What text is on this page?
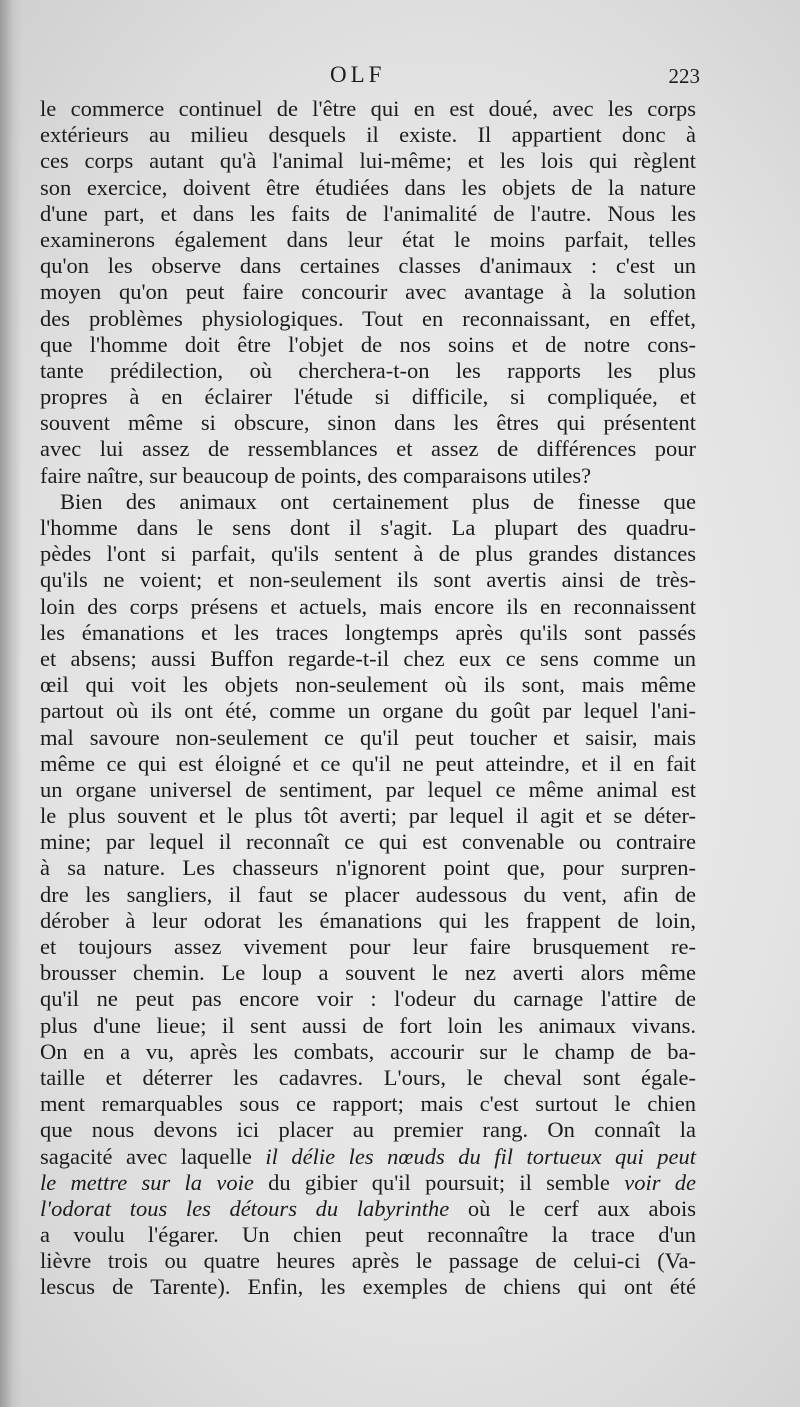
OLF	223
le commerce continuel de l'être qui en est doué, avec les corps
extérieurs au milieu desquels il existe. Il appartient donc à
ces corps autant qu'à l'animal lui-même; et les lois qui règlent
son exercice, doivent être étudiées dans les objets de la nature
d'une part, et dans les faits de l'animalité de l'autre. Nous les
examinerons également dans leur état le moins parfait, telles
qu'on les observe dans certaines classes d'animaux : c'est un
moyen qu'on peut faire concourir avec avantage à la solution
des problèmes physiologiques. Tout en reconnaissant, en effet,
que l'homme doit être l'objet de nos soins et de notre cons-
tante prédilection, où cherchera-t-on les rapports les plus
propres à en éclairer l'étude si difficile, si compliquée, et
souvent même si obscure, sinon dans les êtres qui présentent
avec lui assez de ressemblances et assez de différences pour
faire naître, sur beaucoup de points, des comparaisons utiles?
Bien des animaux ont certainement plus de finesse que
l'homme dans le sens dont il s'agit. La plupart des quadru-
pèdes l'ont si parfait, qu'ils sentent à de plus grandes distances
qu'ils ne voient; et non-seulement ils sont avertis ainsi de très-
loin des corps présens et actuels, mais encore ils en reconnaissent
les émanations et les traces longtemps après qu'ils sont passés
et absens; aussi Buffon regarde-t-il chez eux ce sens comme un
œil qui voit les objets non-seulement où ils sont, mais même
partout où ils ont été, comme un organe du goût par lequel l'ani-
mal savoure non-seulement ce qu'il peut toucher et saisir, mais
même ce qui est éloigné et ce qu'il ne peut atteindre, et il en fait
un organe universel de sentiment, par lequel ce même animal est
le plus souvent et le plus tôt averti; par lequel il agit et se déter-
mine; par lequel il reconnaît ce qui est convenable ou contraire
à sa nature. Les chasseurs n'ignorent point que, pour surpren-
dre les sangliers, il faut se placer audessous du vent, afin de
dérober à leur odorat les émanations qui les frappent de loin,
et toujours assez vivement pour leur faire brusquement re-
brousser chemin. Le loup a souvent le nez averti alors même
qu'il ne peut pas encore voir : l'odeur du carnage l'attire de
plus d'une lieue; il sent aussi de fort loin les animaux vivans.
On en a vu, après les combats, accourir sur le champ de ba-
taille et déterrer les cadavres. L'ours, le cheval sont égale-
ment remarquables sous ce rapport; mais c'est surtout le chien
que nous devons ici placer au premier rang. On connaît la
sagacité avec laquelle il délie les nœuds du fil tortueux qui peut
le mettre sur la voie du gibier qu'il poursuit; il semble voir de
l'odorat tous les détours du labyrinthe où le cerf aux abois
a voulu l'égarer. Un chien peut reconnaître la trace d'un
lièvre trois ou quatre heures après le passage de celui-ci (Va-
lescus de Tarente). Enfin, les exemples de chiens qui ont été
